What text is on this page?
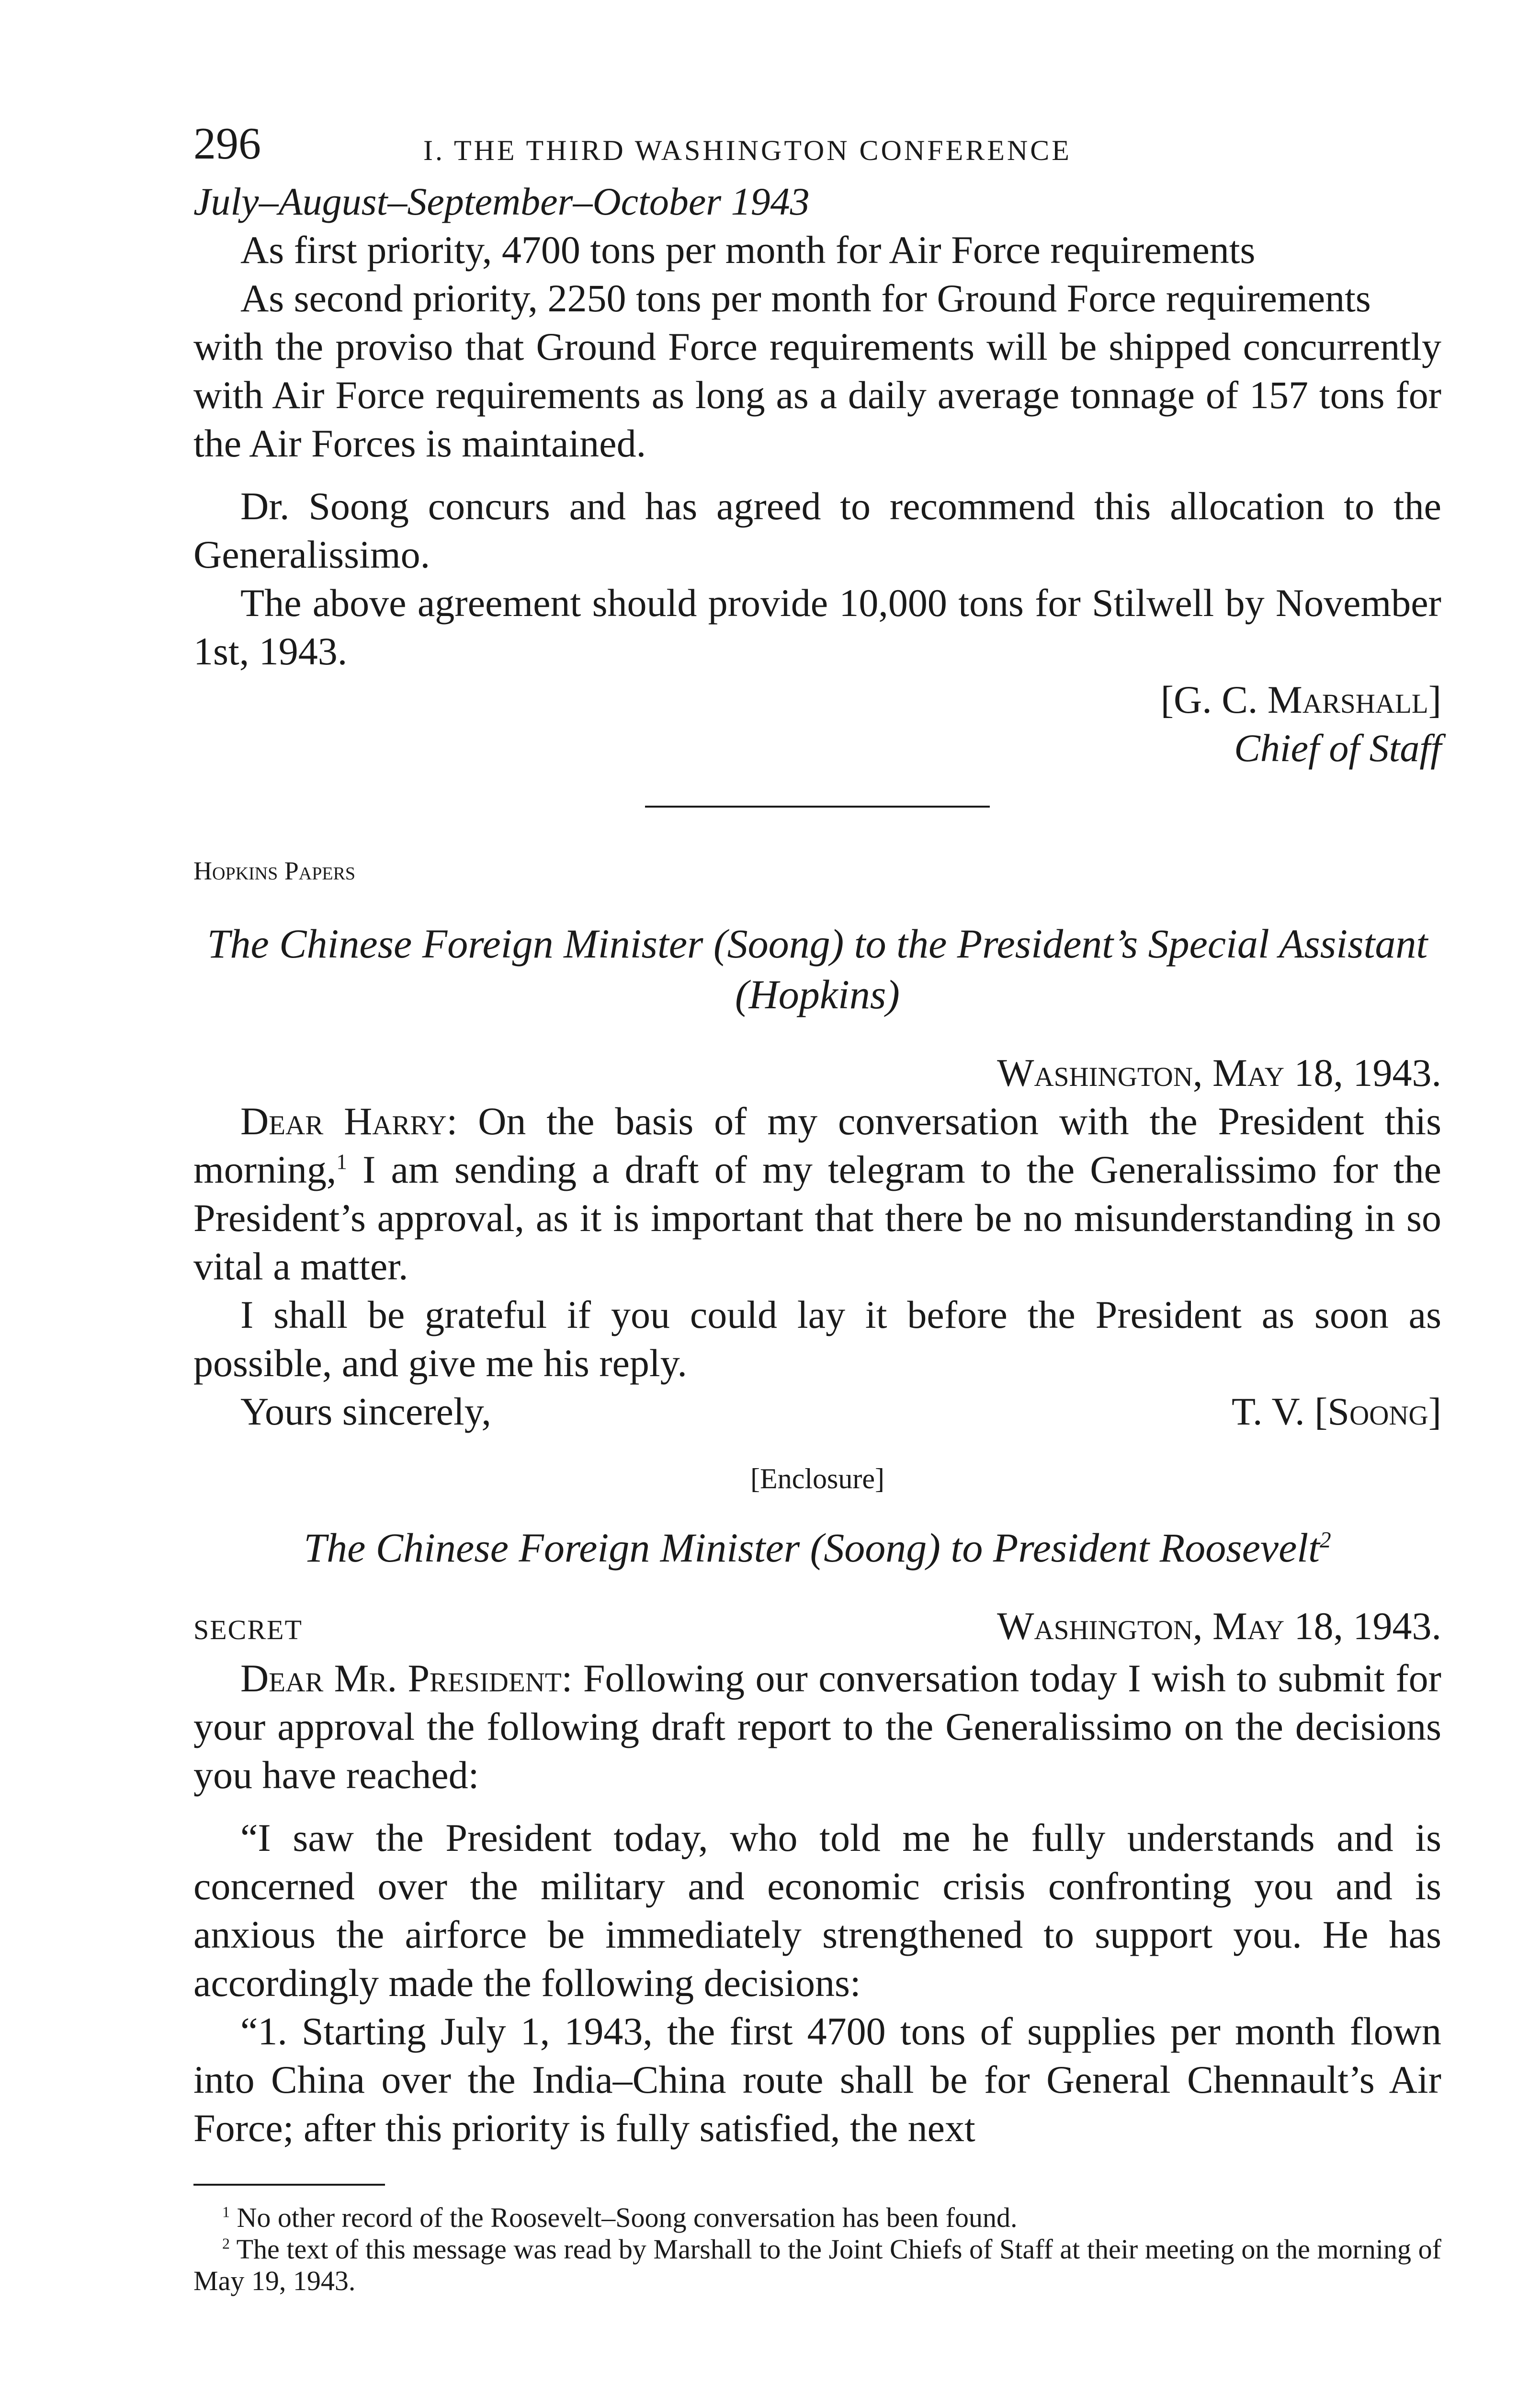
296	I. THE THIRD WASHINGTON CONFERENCE

July–August–September–October 1943

As first priority, 4700 tons per month for Air Force requirements

As second priority, 2250 tons per month for Ground Force requirements

with the proviso that Ground Force requirements will be shipped concurrently with Air Force requirements as long as a daily average tonnage of 157 tons for the Air Forces is maintained.

Dr. Soong concurs and has agreed to recommend this allocation to the Generalissimo.

The above agreement should provide 10,000 tons for Stilwell by November 1st, 1943.

[G. C. Marshall]

Chief of Staff

Hopkins Papers

The Chinese Foreign Minister (Soong) to the President’s Special Assistant (Hopkins)

Washington, May 18, 1943.

Dear Harry: On the basis of my conversation with the President this morning,$^1$ I am sending a draft of my telegram to the Generalissimo for the President’s approval, as it is important that there be no misunderstanding in so vital a matter.

I shall be grateful if you could lay it before the President as soon as possible, and give me his reply.

Yours sincerely,	T. V. [Soong]

[Enclosure]

The Chinese Foreign Minister (Soong) to President Roosevelt$^2$

SECRET	Washington, May 18, 1943.

Dear Mr. President: Following our conversation today I wish to submit for your approval the following draft report to the Generalissimo on the decisions you have reached:

“I saw the President today, who told me he fully understands and is concerned over the military and economic crisis confronting you and is anxious the airforce be immediately strengthened to support you. He has accordingly made the following decisions:

“1. Starting July 1, 1943, the first 4700 tons of supplies per month flown into China over the India–China route shall be for General Chennault’s Air Force; after this priority is fully satisfied, the next

$^1$ No other record of the Roosevelt–Soong conversation has been found.

$^2$ The text of this message was read by Marshall to the Joint Chiefs of Staff at their meeting on the morning of May 19, 1943.
